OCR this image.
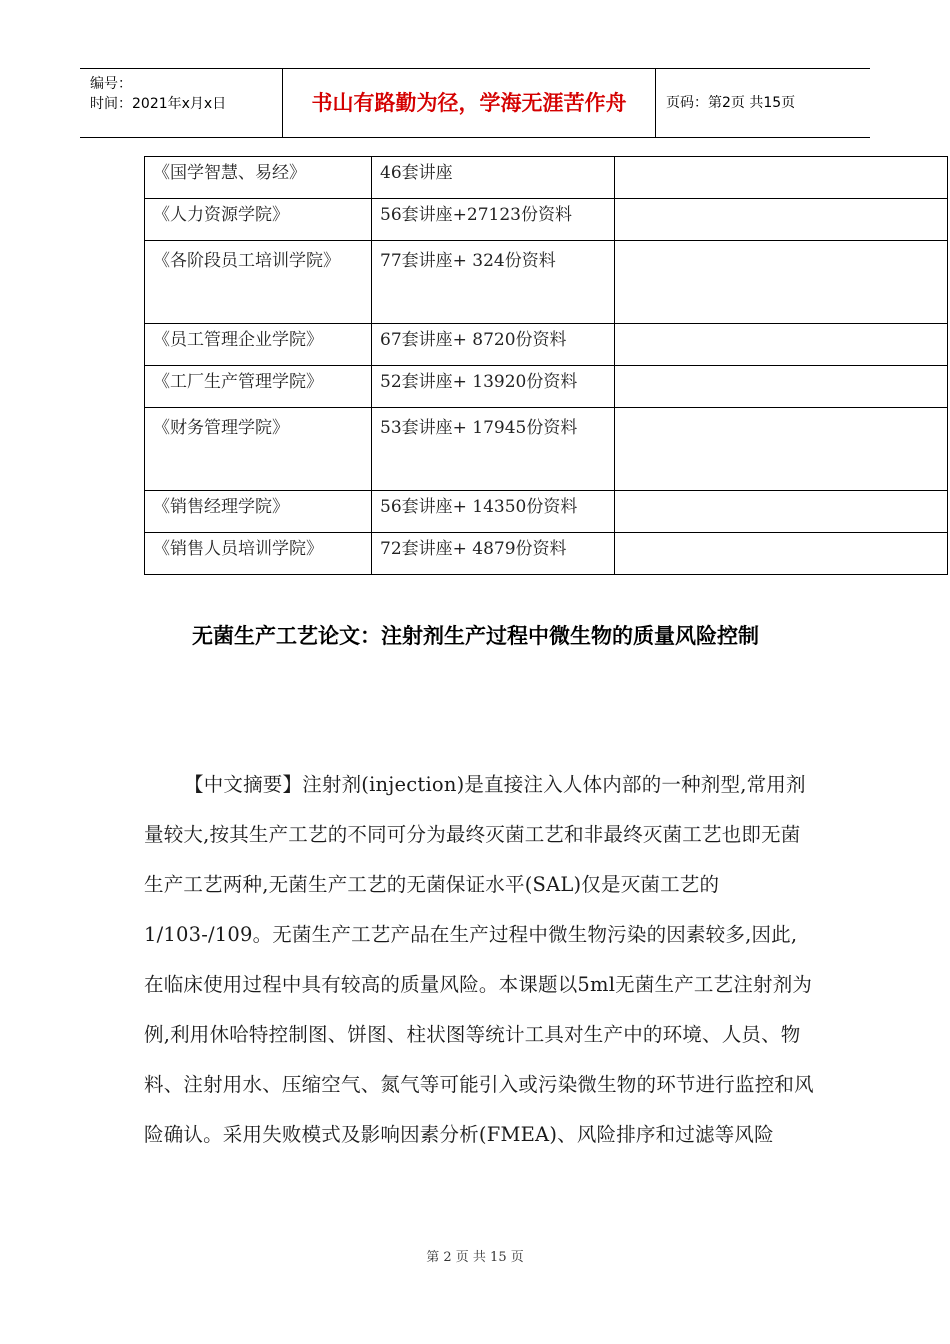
编号：
时间：2021年x月x日	书山有路勤为径，学海无涯苦作舟	页码：第2页 共15页
《国学智慧、易经》	46套讲座	
《人力资源学院》	56套讲座+27123份资料	
《各阶段员工培训学院》	77套讲座+ 324份资料	
《员工管理企业学院》	67套讲座+ 8720份资料	
《工厂生产管理学院》	52套讲座+ 13920份资料	
《财务管理学院》	53套讲座+ 17945份资料	
《销售经理学院》	56套讲座+ 14350份资料	
《销售人员培训学院》	72套讲座+ 4879份资料	
无菌生产工艺论文：注射剂生产过程中微生物的质量风险控制
【中文摘要】注射剂(injection)是直接注入人体内部的一种剂型,常用剂量较大,按其生产工艺的不同可分为最终灭菌工艺和非最终灭菌工艺也即无菌生产工艺两种,无菌生产工艺的无菌保证水平(SAL)仅是灭菌工艺的1/103-/109。无菌生产工艺产品在生产过程中微生物污染的因素较多,因此,在临床使用过程中具有较高的质量风险。本课题以5ml无菌生产工艺注射剂为例,利用休哈特控制图、饼图、柱状图等统计工具对生产中的环境、人员、物料、注射用水、压缩空气、氮气等可能引入或污染微生物的环节进行监控和风险确认。采用失败模式及影响因素分析(FMEA)、风险排序和过滤等风险
第 2 页 共 15 页
